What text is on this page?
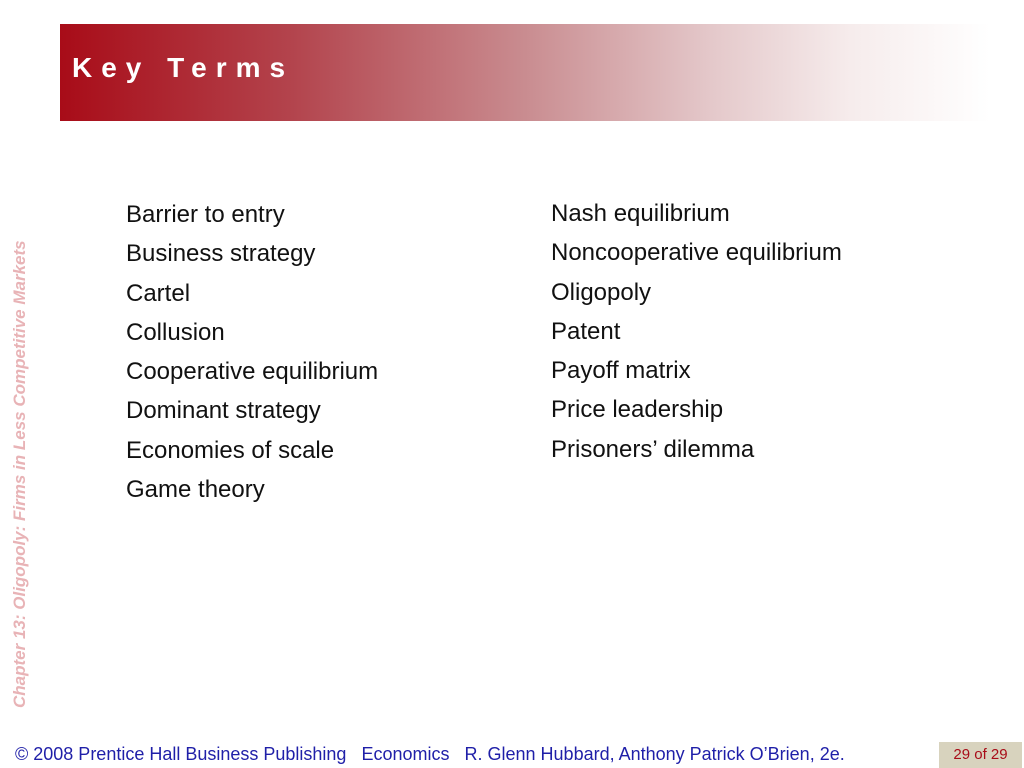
Key Terms
Chapter 13: Oligopoly: Firms in Less Competitive Markets
Barrier to entry
Business strategy
Cartel
Collusion
Cooperative equilibrium
Dominant strategy
Economies of scale
Game theory
Nash equilibrium
Noncooperative equilibrium
Oligopoly
Patent
Payoff matrix
Price leadership
Prisoners’ dilemma
© 2008 Prentice Hall Business Publishing Economics R. Glenn Hubbard, Anthony Patrick O’Brien, 2e.	29 of 29
